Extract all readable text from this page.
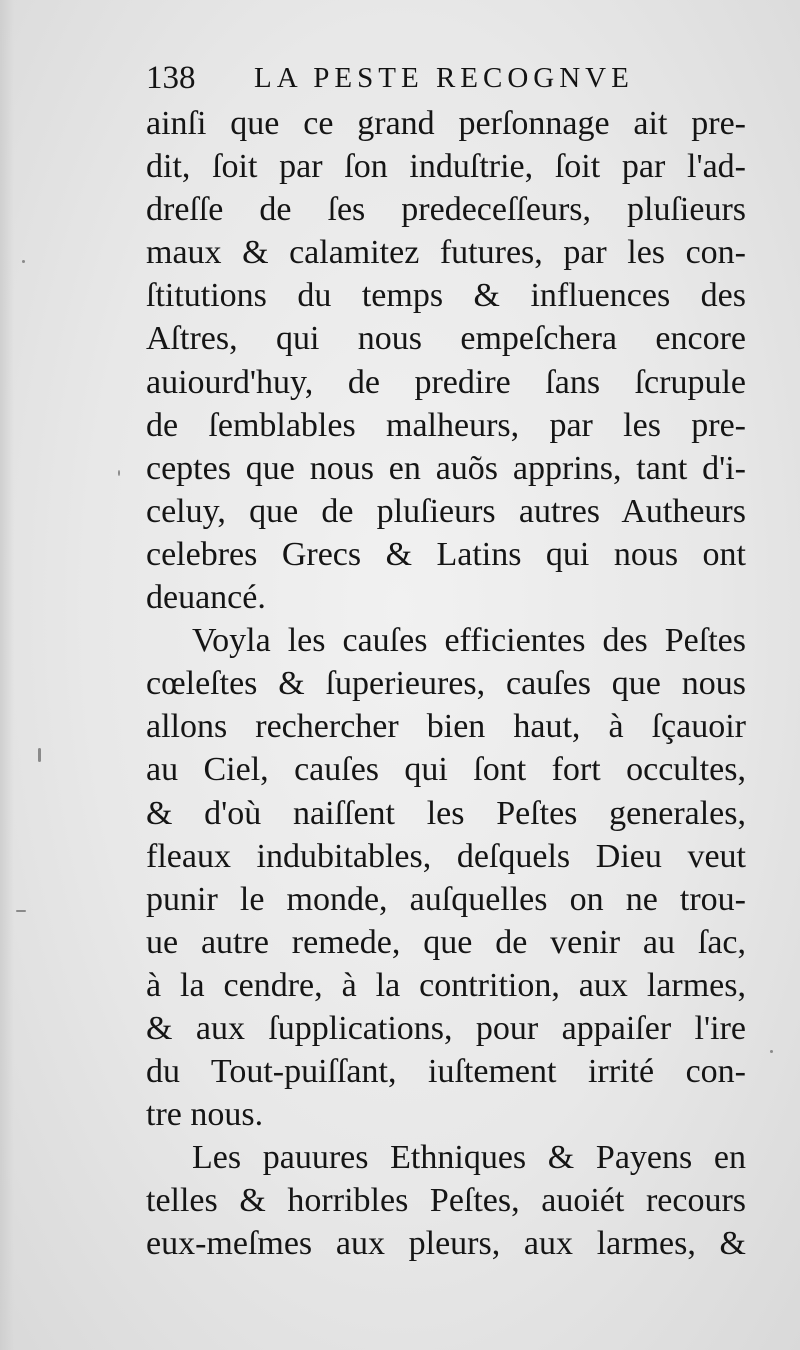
138 LA PESTE RECOGNVE
ainſi que ce grand perſonnage ait pre-
dit, ſoit par ſon induſtrie, ſoit par l'ad-
dreſſe de ſes predeceſſeurs, pluſieurs
maux & calamitez futures, par les con-
ſtitutions du temps & influences des
Aſtres, qui nous empeſchera encore
auiourd'huy, de predire ſans ſcrupule
de ſemblables malheurs, par les pre-
ceptes que nous en auõs apprins, tant d'i-
celuy, que de pluſieurs autres Autheurs
celebres Grecs & Latins qui nous ont
deuancé.
Voyla les cauſes efficientes des Peſtes
cœleſtes & ſuperieures, cauſes que nous
allons rechercher bien haut, à ſçauoir
au Ciel, cauſes qui ſont fort occultes,
& d'où naiſſent les Peſtes generales,
fleaux indubitables, deſquels Dieu veut
punir le monde, auſquelles on ne trou-
ue autre remede, que de venir au ſac,
à la cendre, à la contrition, aux larmes,
& aux ſupplications, pour appaiſer l'ire
du Tout-puiſſant, iuſtement irrité con-
tre nous.
Les pauures Ethniques & Payens en
telles & horribles Peſtes, auoiét recours
eux-meſmes aux pleurs, aux larmes, &
